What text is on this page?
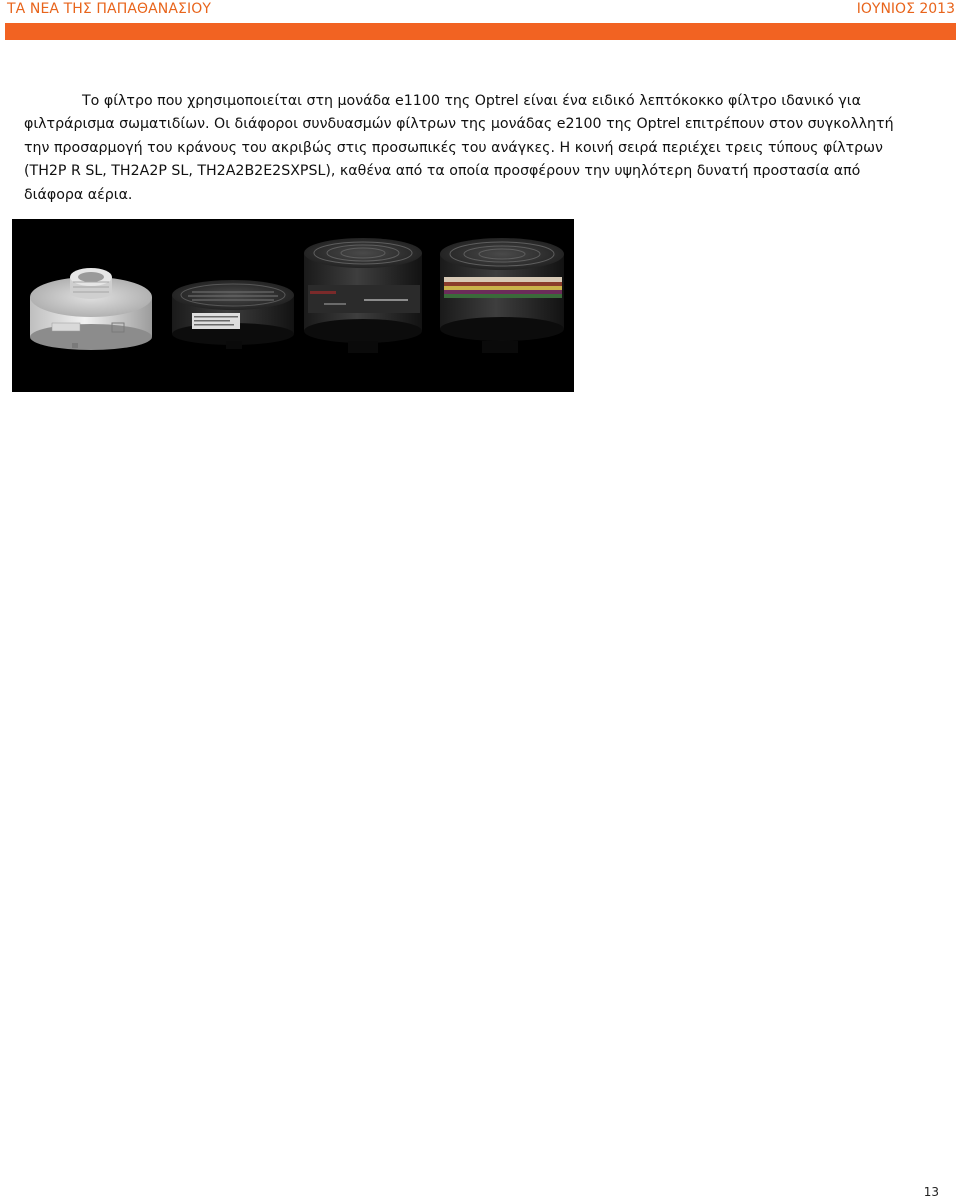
ΤΑ ΝΕΑ ΤΗΣ ΠΑΠΑΘΑΝΑΣΙΟΥ	ΙΟΥΝΙΟΣ 2013

Το φίλτρο που χρησιμοποιείται στη μονάδα e1100 της Optrel είναι ένα ειδικό λεπτόκοκκο φίλτρο ιδανικό για φιλτράρισμα σωματιδίων. Οι διάφοροι συνδυασμών φίλτρων της μονάδας e2100 της Optrel επιτρέπουν στον συγκολλητή την προσαρμογή του κράνους του ακριβώς στις προσωπικές του ανάγκες. Η κοινή σειρά περιέχει τρεις τύπους φίλτρων (TH2P R SL, TH2A2P SL, TH2A2B2E2SXPSL), καθένα από τα οποία προσφέρουν την υψηλότερη δυνατή προστασία από διάφορα αέρια.

13
